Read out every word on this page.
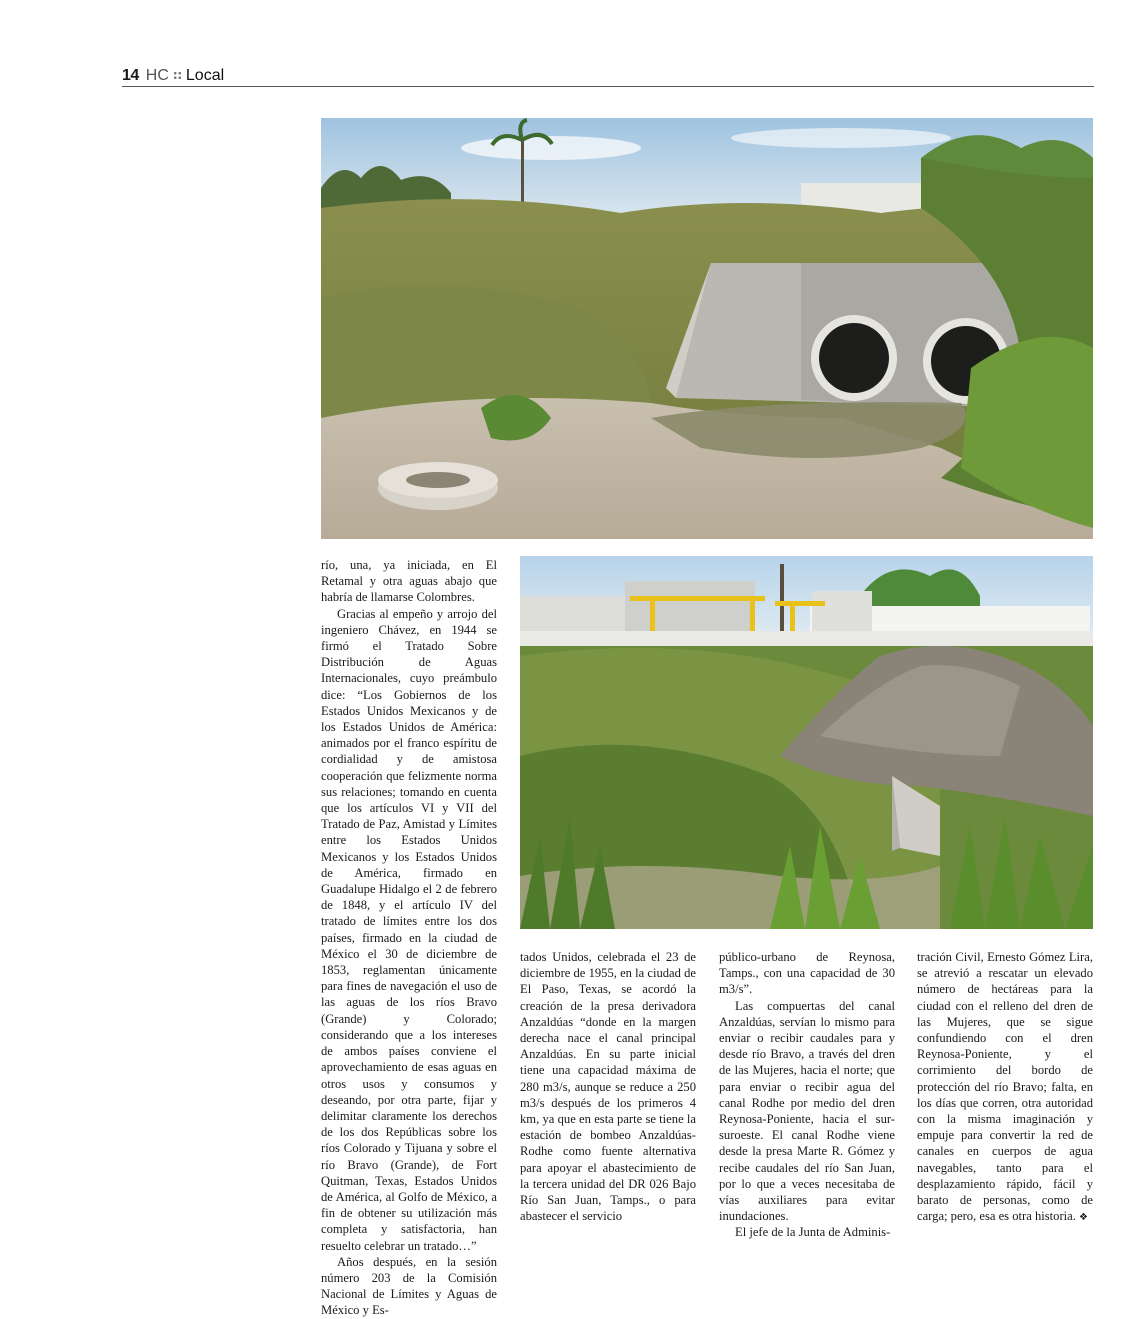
14 HC Local

río, una, ya iniciada, en El Retamal y otra aguas abajo que habría de llamarse Colombres.

Gracias al empeño y arrojo del ingeniero Chávez, en 1944 se firmó el Tratado Sobre Distribución de Aguas Internacionales, cuyo preámbulo dice: “Los Gobiernos de los Estados Unidos Mexicanos y de los Estados Unidos de América: animados por el franco espíritu de cordialidad y de amistosa cooperación que felizmente norma sus relaciones; tomando en cuenta que los artículos VI y VII del Tratado de Paz, Amistad y Límites entre los Estados Unidos Mexicanos y los Estados Unidos de América, firmado en Guadalupe Hidalgo el 2 de febrero de 1848, y el artículo IV del tratado de límites entre los dos países, firmado en la ciudad de México el 30 de diciembre de 1853, reglamentan únicamente para fines de navegación el uso de las aguas de los ríos Bravo (Grande) y Colorado; considerando que a los intereses de ambos países conviene el aprovechamiento de esas aguas en otros usos y consumos y deseando, por otra parte, fijar y delimitar claramente los derechos de los dos Repúblicas sobre los ríos Colorado y Tijuana y sobre el río Bravo (Grande), de Fort Quitman, Texas, Estados Unidos de América, al Golfo de México, a fin de obtener su utilización más completa y satisfactoria, han resuelto celebrar un tratado…”

Años después, en la sesión número 203 de la Comisión Nacional de Límites y Aguas de México y Es-

tados Unidos, celebrada el 23 de diciembre de 1955, en la ciudad de El Paso, Texas, se acordó la creación de la presa derivadora Anzaldúas “donde en la margen derecha nace el canal principal Anzaldúas. En su parte inicial tiene una capacidad máxima de 280 m3/s, aunque se reduce a 250 m3/s después de los primeros 4 km, ya que en esta parte se tiene la estación de bombeo Anzaldúas-Rodhe como fuente alternativa para apoyar el abastecimiento de la tercera unidad del DR 026 Bajo Río San Juan, Tamps., o para abastecer el servicio

público-urbano de Reynosa, Tamps., con una capacidad de 30 m3/s”.

Las compuertas del canal Anzaldúas, servían lo mismo para enviar o recibir caudales para y desde río Bravo, a través del dren de las Mujeres, hacia el norte; que para enviar o recibir agua del canal Rodhe por medio del dren Reynosa-Poniente, hacia el sur-suroeste. El canal Rodhe viene desde la presa Marte R. Gómez y recibe caudales del río San Juan, por lo que a veces necesitaba de vías auxiliares para evitar inundaciones.

El jefe de la Junta de Adminis-

tración Civil, Ernesto Gómez Lira, se atrevió a rescatar un elevado número de hectáreas para la ciudad con el relleno del dren de las Mujeres, que se sigue confundiendo con el dren Reynosa-Poniente, y el corrimiento del bordo de protección del río Bravo; falta, en los días que corren, otra autoridad con la misma imaginación y empuje para convertir la red de canales en cuerpos de agua navegables, tanto para el desplazamiento rápido, fácil y barato de personas, como de carga; pero, esa es otra historia. ❖
